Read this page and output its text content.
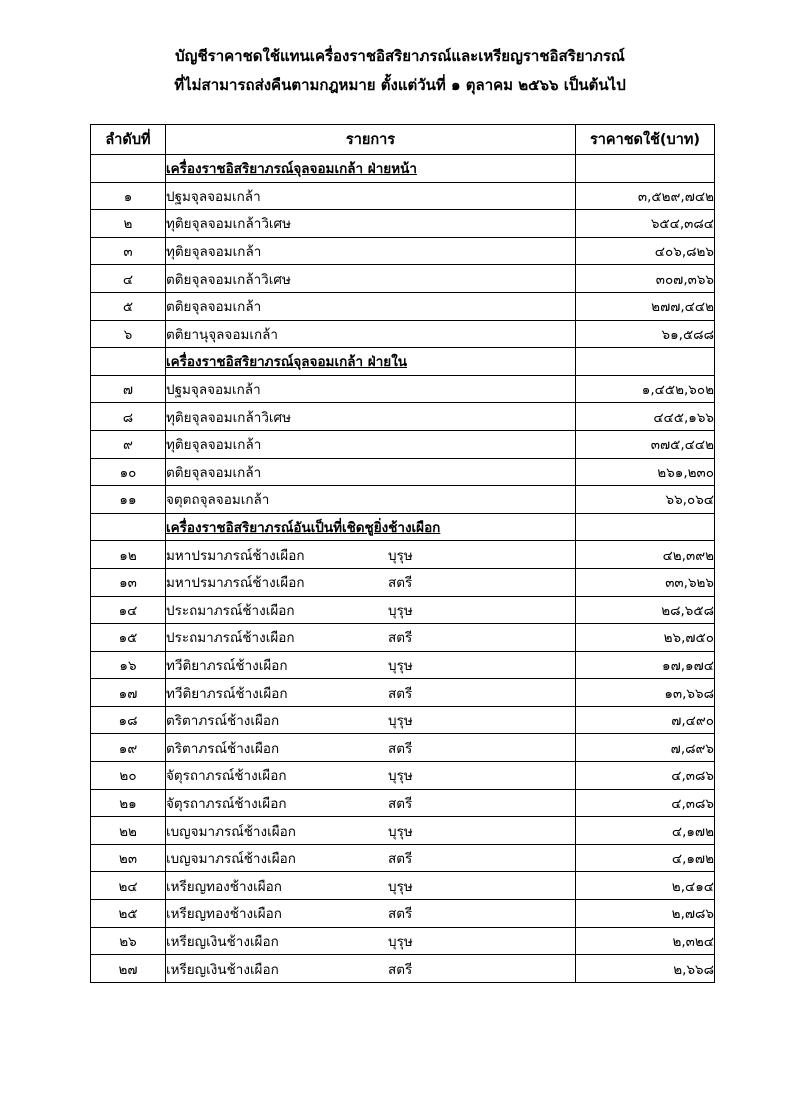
บัญชีราคาชดใช้แทนเครื่องราชอิสริยาภรณ์และเหรียญราชอิสริยาภรณ์
ที่ไม่สามารถส่งคืนตามกฎหมาย ตั้งแต่วันที่ ๑ ตุลาคม ๒๕๖๖ เป็นต้นไป
ลำดับที่	รายการ	ราคาชดใช้(บาท)
	เครื่องราชอิสริยาภรณ์จุลจอมเกล้า ฝ่ายหน้า	
๑	ปฐมจุลจอมเกล้า	๓,๕๒๙,๗๔๒
๒	ทุติยจุลจอมเกล้าวิเศษ	๖๕๔,๓๘๔
๓	ทุติยจุลจอมเกล้า	๔๐๖,๘๒๖
๔	ตติยจุลจอมเกล้าวิเศษ	๓๐๗,๓๖๖
๕	ตติยจุลจอมเกล้า	๒๗๗,๔๔๒
๖	ตติยานุจุลจอมเกล้า	๖๑,๕๘๘
	เครื่องราชอิสริยาภรณ์จุลจอมเกล้า ฝ่ายใน	
๗	ปฐมจุลจอมเกล้า	๑,๔๕๒,๖๐๒
๘	ทุติยจุลจอมเกล้าวิเศษ	๔๔๕,๑๖๖
๙	ทุติยจุลจอมเกล้า	๓๗๕,๔๔๒
๑๐	ตติยจุลจอมเกล้า	๒๖๑,๒๓๐
๑๑	จตุตถจุลจอมเกล้า	๖๖,๐๖๔
	เครื่องราชอิสริยาภรณ์อันเป็นที่เชิดชูยิ่งช้างเผือก	
๑๒	มหาปรมาภรณ์ช้างเผือก บุรุษ	๔๒,๓๙๒
๑๓	มหาปรมาภรณ์ช้างเผือก สตรี	๓๓,๖๒๖
๑๔	ประถมาภรณ์ช้างเผือก บุรุษ	๒๘,๖๕๘
๑๕	ประถมาภรณ์ช้างเผือก สตรี	๒๖,๗๕๐
๑๖	ทวีติยาภรณ์ช้างเผือก บุรุษ	๑๗,๑๗๔
๑๗	ทวีติยาภรณ์ช้างเผือก สตรี	๑๓,๖๖๘
๑๘	ตริตาภรณ์ช้างเผือก บุรุษ	๗,๔๙๐
๑๙	ตริตาภรณ์ช้างเผือก สตรี	๗,๘๙๖
๒๐	จัตุรถาภรณ์ช้างเผือก บุรุษ	๔,๓๘๖
๒๑	จัตุรถาภรณ์ช้างเผือก สตรี	๔,๓๘๖
๒๒	เบญจมาภรณ์ช้างเผือก บุรุษ	๔,๑๗๒
๒๓	เบญจมาภรณ์ช้างเผือก สตรี	๔,๑๗๒
๒๔	เหรียญทองช้างเผือก บุรุษ	๒,๔๑๔
๒๕	เหรียญทองช้างเผือก สตรี	๒,๗๘๖
๒๖	เหรียญเงินช้างเผือก บุรุษ	๒,๓๒๔
๒๗	เหรียญเงินช้างเผือก สตรี	๒,๖๖๘
